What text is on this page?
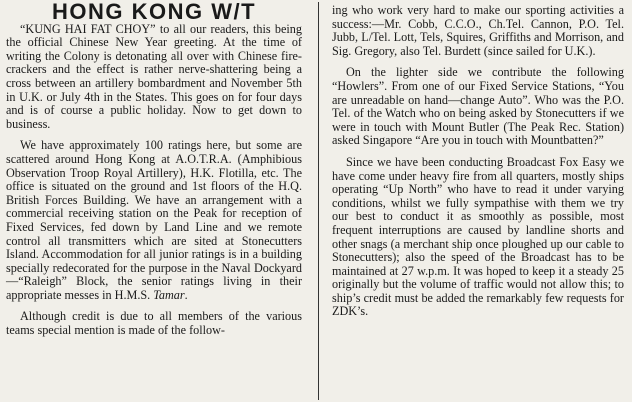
HONG KONG W/T

“KUNG HAI FAT CHOY” to all our readers, this being the official Chinese New Year greeting. At the time of writing the Colony is detonating all over with Chinese fire-crackers and the effect is rather nerve-shattering being a cross between an artillery bombardment and November 5th in U.K. or July 4th in the States. This goes on for four days and is of course a public holiday. Now to get down to business.

We have approximately 100 ratings here, but some are scattered around Hong Kong at A.O.T.R.A. (Amphibious Observation Troop Royal Artillery), H.K. Flotilla, etc. The office is situated on the ground and 1st floors of the H.Q. British Forces Building. We have an arrangement with a commercial receiving station on the Peak for reception of Fixed Services, fed down by Land Line and we remote control all transmitters which are sited at Stonecutters Island. Accommodation for all junior ratings is in a building specially redecorated for the purpose in the Naval Dockyard—“Raleigh” Block, the senior ratings living in their appropriate messes in H.M.S. Tamar.

Although credit is due to all members of the various teams special mention is made of the follow-

ing who work very hard to make our sporting activities a success:—Mr. Cobb, C.C.O., Ch.Tel. Cannon, P.O. Tel. Jubb, L/Tel. Lott, Tels, Squires, Griffiths and Morrison, and Sig. Gregory, also Tel. Burdett (since sailed for U.K.).

On the lighter side we contribute the following “Howlers”. From one of our Fixed Service Stations, “You are unreadable on hand—change Auto”. Who was the P.O. Tel. of the Watch who on being asked by Stonecutters if we were in touch with Mount Butler (The Peak Rec. Station) asked Singapore “Are you in touch with Mountbatten?”

Since we have been conducting Broadcast Fox Easy we have come under heavy fire from all quarters, mostly ships operating “Up North” who have to read it under varying conditions, whilst we fully sympathise with them we try our best to conduct it as smoothly as possible, most frequent interruptions are caused by landline shorts and other snags (a merchant ship once ploughed up our cable to Stonecutters); also the speed of the Broadcast has to be maintained at 27 w.p.m. It was hoped to keep it a steady 25 originally but the volume of traffic would not allow this; to ship’s credit must be added the remarkably few requests for ZDK’s.
